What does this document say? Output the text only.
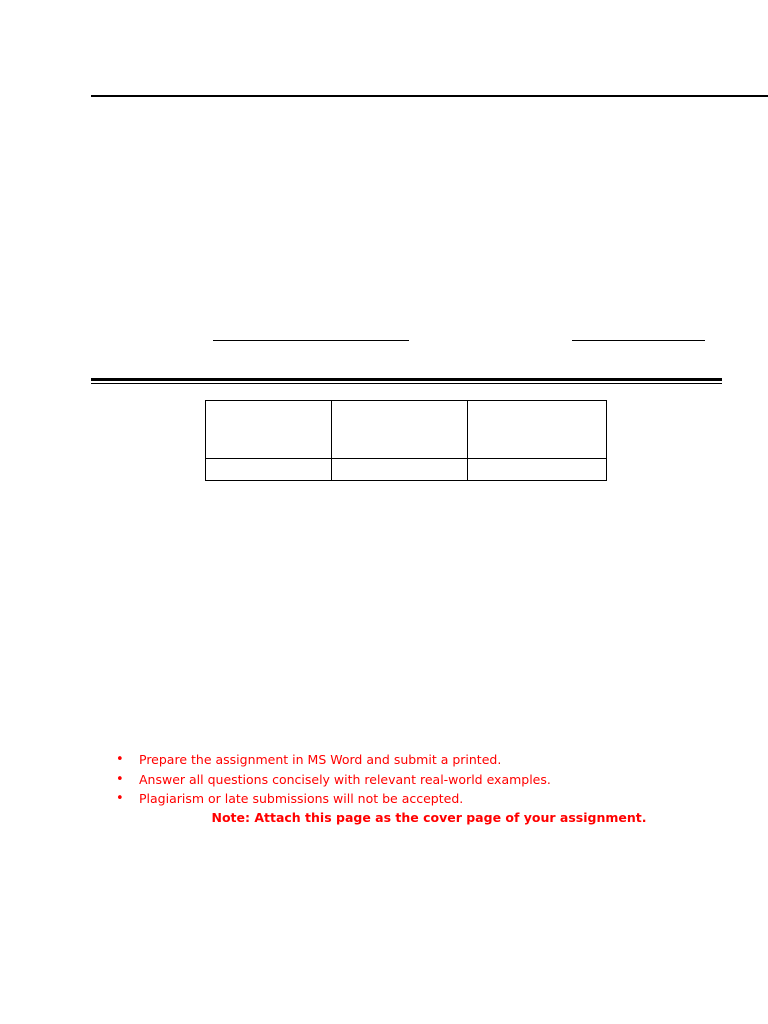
• Prepare the assignment in MS Word and submit a printed.
• Answer all questions concisely with relevant real-world examples.
• Plagiarism or late submissions will not be accepted.
Note: Attach this page as the cover page of your assignment.
